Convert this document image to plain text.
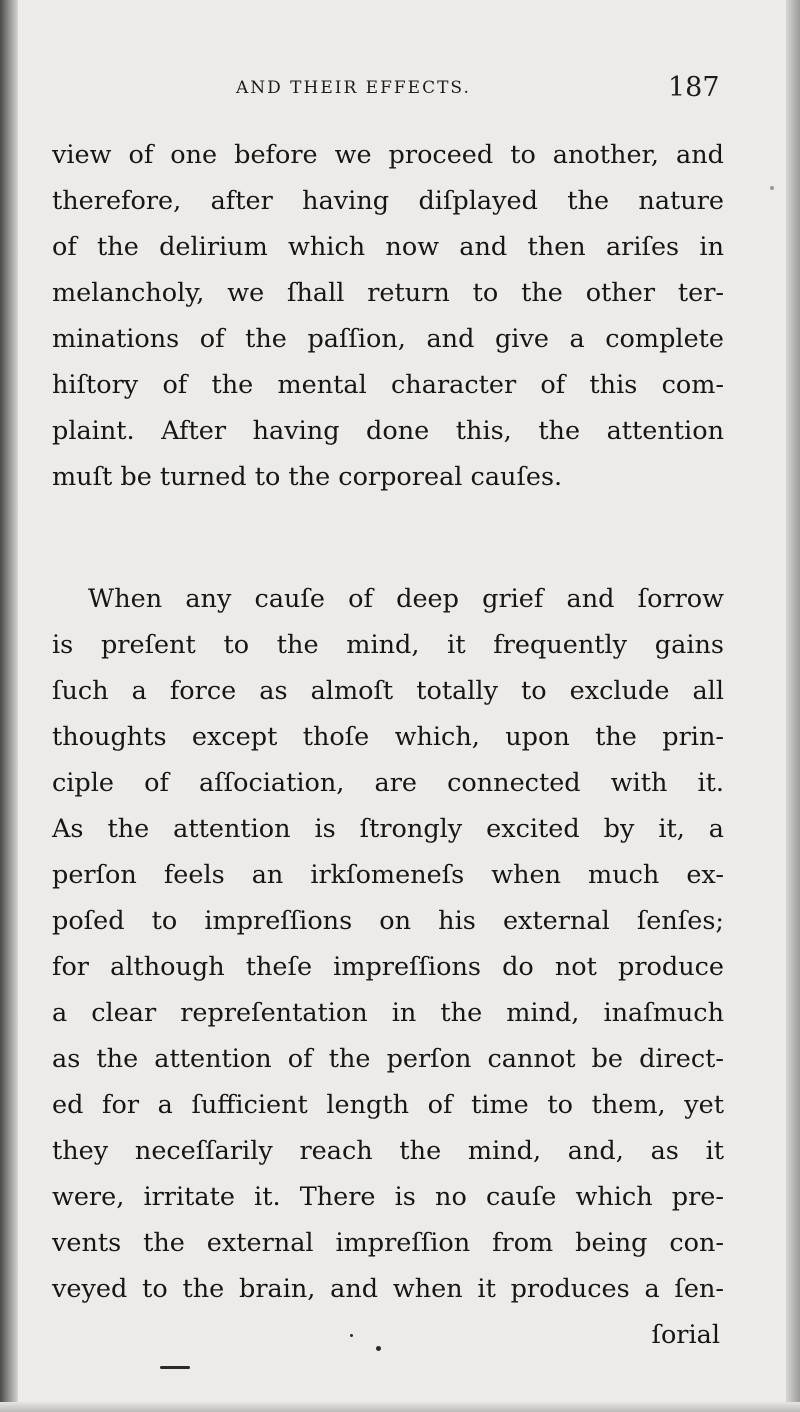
AND THEIR EFFECTS.	187
view of one before we proceed to another, and
therefore, after having diſplayed the nature
of the delirium which now and then ariſes in
melancholy, we ſhall return to the other ter-
minations of the paſſion, and give a complete
hiſtory of the mental character of this com-
plaint. After having done this, the attention
muſt be turned to the corporeal cauſes.
When any cauſe of deep grief and ſorrow
is preſent to the mind, it frequently gains
ſuch a force as almoſt totally to exclude all
thoughts except thoſe which, upon the prin-
ciple of aſſociation, are connected with it.
As the attention is ſtrongly excited by it, a
perſon feels an irkſomeneſs when much ex-
poſed to impreſſions on his external ſenſes;
for although theſe impreſſions do not produce
a clear repreſentation in the mind, inaſmuch
as the attention of the perſon cannot be direct-
ed for a ſufficient length of time to them, yet
they neceſſarily reach the mind, and, as it
were, irritate it. There is no cauſe which pre-
vents the external impreſſion from being con-
veyed to the brain, and when it produces a ſen-
ſorial
